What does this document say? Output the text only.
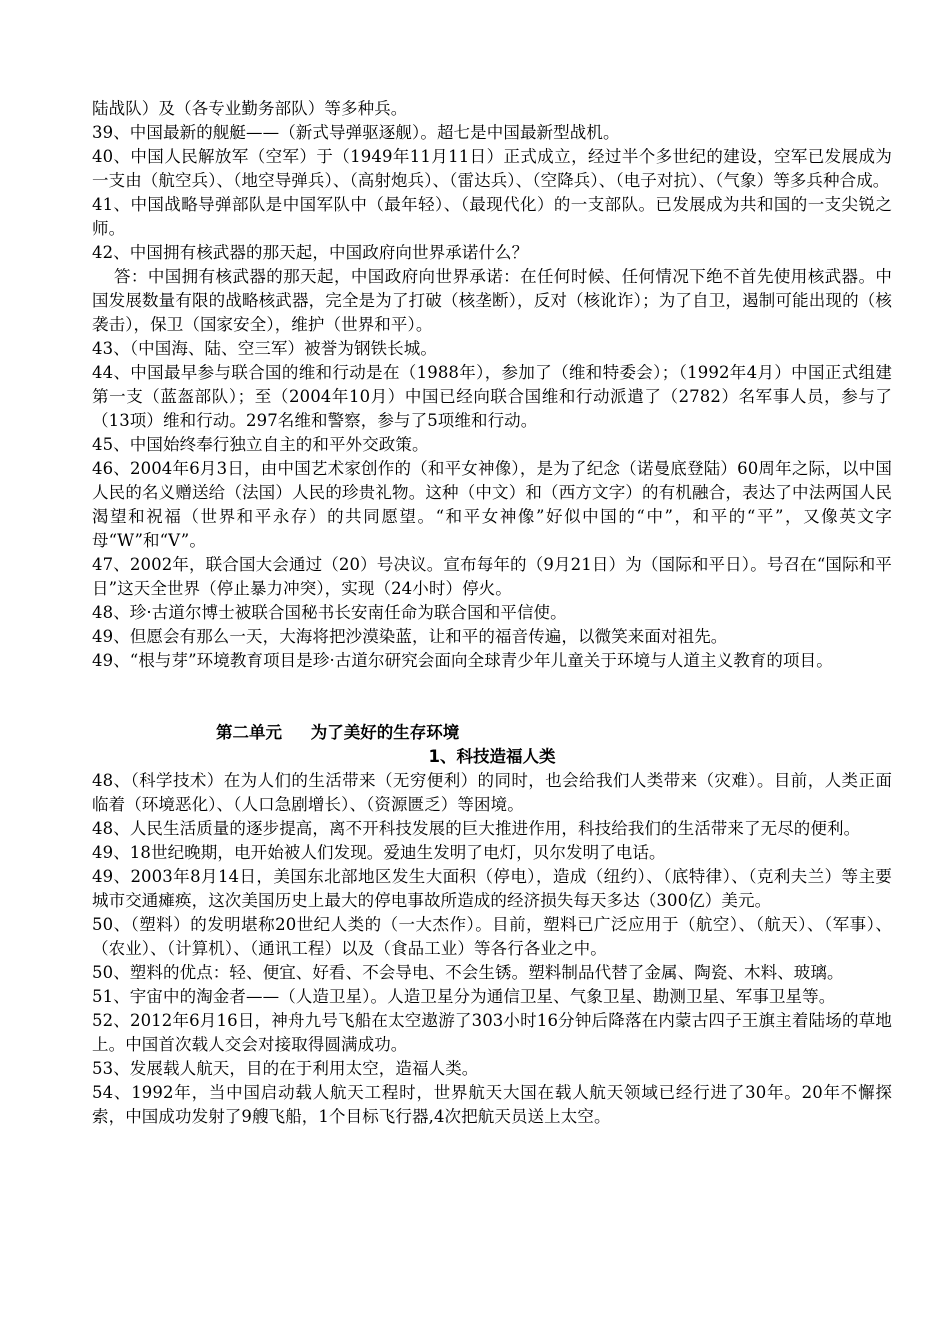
陆战队）及（各专业勤务部队）等多种兵。

39、中国最新的舰艇——（新式导弹驱逐舰）。超七是中国最新型战机。

40、中国人民解放军（空军）于（1949年11月11日）正式成立，经过半个多世纪的建设，空军已发展成为一支由（航空兵）、（地空导弹兵）、（高射炮兵）、（雷达兵）、（空降兵）、（电子对抗）、（气象）等多兵种合成。

41、中国战略导弹部队是中国军队中（最年轻）、（最现代化）的一支部队。已发展成为共和国的一支尖锐之师。

42、中国拥有核武器的那天起，中国政府向世界承诺什么？

答：中国拥有核武器的那天起，中国政府向世界承诺：在任何时候、任何情况下绝不首先使用核武器。中国发展数量有限的战略核武器，完全是为了打破（核垄断），反对（核讹诈）；为了自卫，遏制可能出现的（核袭击），保卫（国家安全），维护（世界和平）。

43、（中国海、陆、空三军）被誉为钢铁长城。

44、中国最早参与联合国的维和行动是在（1988年），参加了（维和特委会）；（1992年4月）中国正式组建第一支（蓝盔部队）；至（2004年10月）中国已经向联合国维和行动派遣了（2782）名军事人员，参与了（13项）维和行动。297名维和警察，参与了5项维和行动。

45、中国始终奉行独立自主的和平外交政策。

46、2004年6月3日，由中国艺术家创作的（和平女神像），是为了纪念（诺曼底登陆）60周年之际，以中国人民的名义赠送给（法国）人民的珍贵礼物。这种（中文）和（西方文字）的有机融合，表达了中法两国人民渴望和祝福（世界和平永存）的共同愿望。“和平女神像”好似中国的“中”，和平的“平”，又像英文字母“W”和“V”。

47、2002年，联合国大会通过（20）号决议。宣布每年的（9月21日）为（国际和平日）。号召在“国际和平日”这天全世界（停止暴力冲突），实现（24小时）停火。

48、珍·古道尔博士被联合国秘书长安南任命为联合国和平信使。

49、但愿会有那么一天，大海将把沙漠染蓝，让和平的福音传遍，以微笑来面对祖先。

49、“根与芽”环境教育项目是珍·古道尔研究会面向全球青少年儿童关于环境与人道主义教育的项目。

第二单元     为了美好的生存环境

1、科技造福人类

48、（科学技术）在为人们的生活带来（无穷便利）的同时，也会给我们人类带来（灾难）。目前，人类正面临着（环境恶化）、（人口急剧增长）、（资源匮乏）等困境。

48、人民生活质量的逐步提高，离不开科技发展的巨大推进作用，科技给我们的生活带来了无尽的便利。

49、18世纪晚期，电开始被人们发现。爱迪生发明了电灯，贝尔发明了电话。

49、2003年8月14日，美国东北部地区发生大面积（停电），造成（纽约）、（底特律）、（克利夫兰）等主要城市交通瘫痪，这次美国历史上最大的停电事故所造成的经济损失每天多达（300亿）美元。

50、（塑料）的发明堪称20世纪人类的（一大杰作）。目前，塑料已广泛应用于（航空）、（航天）、（军事）、（农业）、（计算机）、（通讯工程）以及（食品工业）等各行各业之中。

50、塑料的优点：轻、便宜、好看、不会导电、不会生锈。塑料制品代替了金属、陶瓷、木料、玻璃。

51、宇宙中的淘金者——（人造卫星）。人造卫星分为通信卫星、气象卫星、勘测卫星、军事卫星等。

52、2012年6月16日，神舟九号飞船在太空遨游了303小时16分钟后降落在内蒙古四子王旗主着陆场的草地上。中国首次载人交会对接取得圆满成功。

53、发展载人航天，目的在于利用太空，造福人类。

54、1992年，当中国启动载人航天工程时，世界航天大国在载人航天领域已经行进了30年。20年不懈探索，中国成功发射了9艘飞船，1个目标飞行器,4次把航天员送上太空。
